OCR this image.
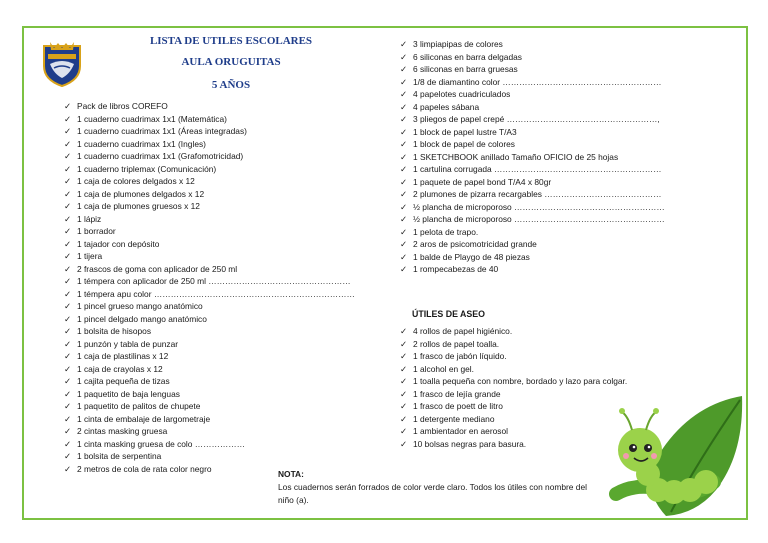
LISTA DE UTILES ESCOLARES
AULA ORUGUITAS
5 AÑOS
✓ Pack de libros COREFO
✓ 1 cuaderno cuadrimax 1x1 (Matemática)
✓ 1 cuaderno cuadrimax 1x1 (Áreas integradas)
✓ 1 cuaderno cuadrimax 1x1 (Ingles)
✓ 1 cuaderno cuadrimax 1x1 (Grafomotricidad)
✓ 1 cuaderno triplemax (Comunicación)
✓ 1 caja de colores delgados x 12
✓ 1 caja de plumones delgados x 12
✓ 1 caja de plumones gruesos x 12
✓ 1 lápiz
✓ 1 borrador
✓ 1 tajador con depósito
✓ 1 tijera
✓ 2 frascos de goma con aplicador de 250 ml
✓ 1 témpera con aplicador de 250 ml ……………………………………………
✓ 1 témpera apu color ………………………………………………………………
✓ 1 pincel grueso mango anatómico
✓ 1 pincel delgado mango anatómico
✓ 1 bolsita de hisopos
✓ 1 punzón y tabla de punzar
✓ 1 caja de plastilinas x 12
✓ 1 caja de crayolas x 12
✓ 1 cajita pequeña de tizas
✓ 1 paquetito de baja lenguas
✓ 1 paquetito de palitos de chupete
✓ 1 cinta de embalaje de largometraje
✓ 2 cintas masking gruesa
✓ 1 cinta masking gruesa de colo ………………
✓ 1 bolsita de serpentina
✓ 2 metros de cola de rata color negro
✓ 3 limpiapipas de colores
✓ 6 siliconas en barra delgadas
✓ 6 siliconas en barra gruesas
✓ 1/8 de diamantino color …………………………………………………
✓ 4 papelotes cuadriculados
✓ 4 papeles sábana
✓ 3 pliegos de papel crepé ………………………………………………,
✓ 1 block de papel lustre T/A3
✓ 1 block de papel de colores
✓ 1 SKETCHBOOK anillado Tamaño OFICIO de 25 hojas
✓ 1 cartulina corrugada ……………………………………………………
✓ 1 paquete de papel bond T/A4 x 80gr
✓ 2 plumones de pizarra recargables ……………………………………
✓ ½ plancha de microporoso ………………………………………………
✓ ½ plancha de microporoso ………………………………………………
✓ 1 pelota de trapo.
✓ 2 aros de psicomotricidad grande
✓ 1 balde de Playgo de 48 piezas
✓ 1 rompecabezas de 40
ÚTILES DE ASEO
✓ 4 rollos de papel higiénico.
✓ 2 rollos de papel toalla.
✓ 1 frasco de jabón líquido.
✓ 1 alcohol en gel.
✓ 1 toalla pequeña con nombre, bordado y lazo para colgar.
✓ 1 frasco de lejía grande
✓ 1 frasco de poett de litro
✓ 1 detergente mediano
✓ 1 ambientador en aerosol
✓ 10 bolsas negras para basura.
NOTA:
Los cuadernos serán forrados de color verde claro. Todos los útiles con nombre del niño (a).
